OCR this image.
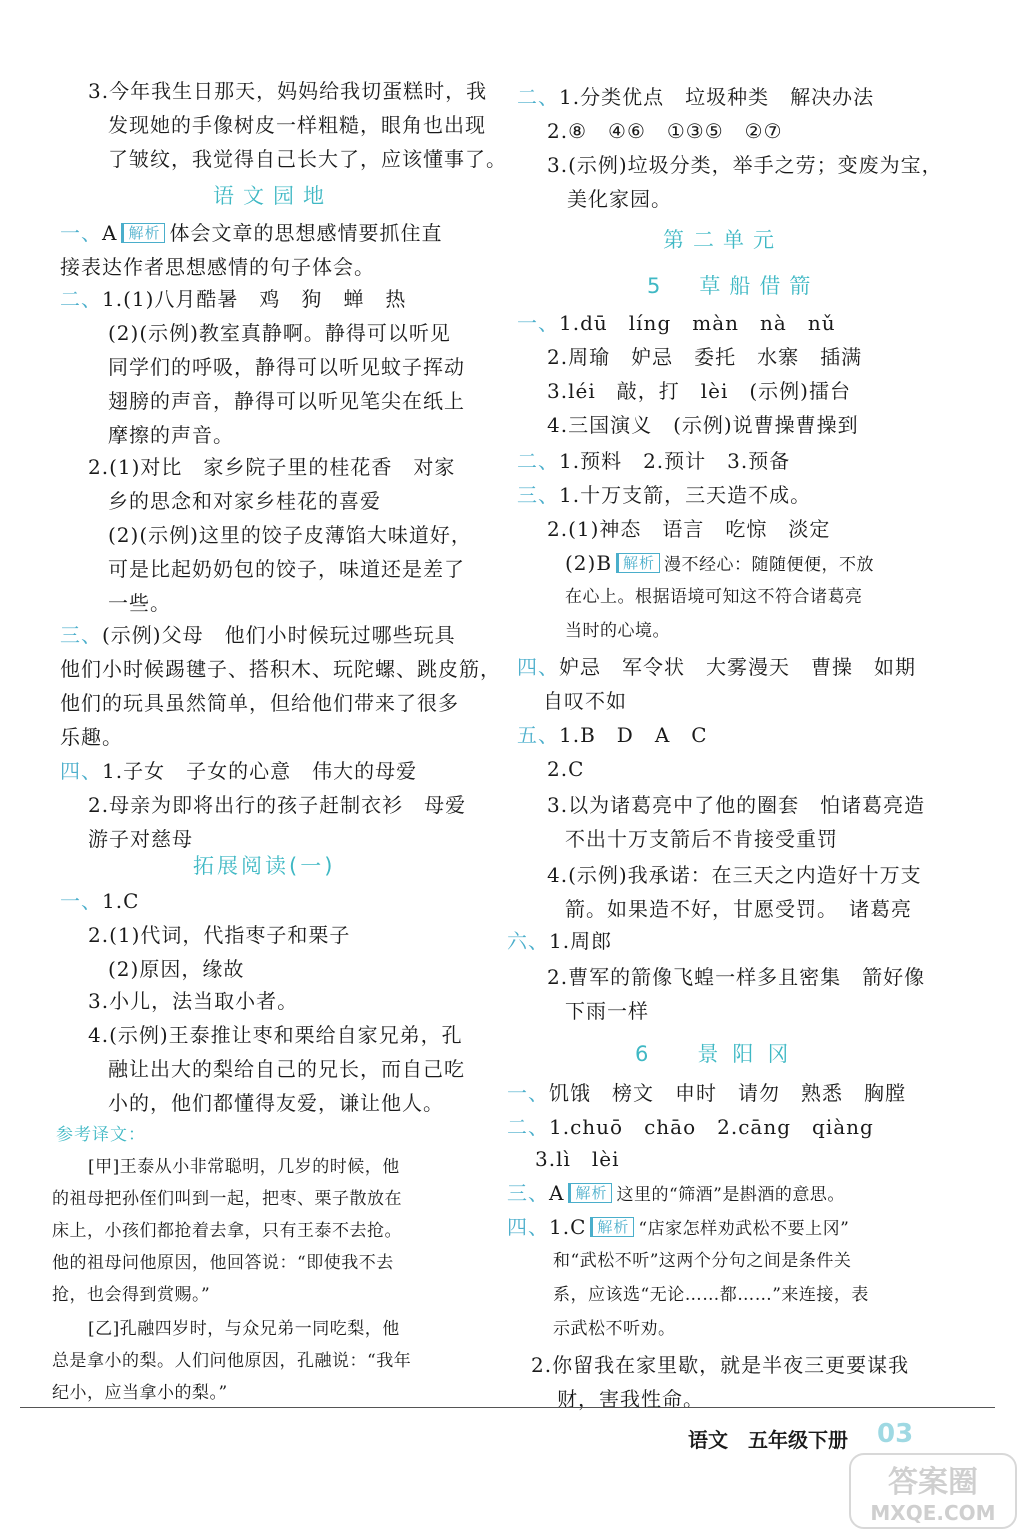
3.今年我生日那天，妈妈给我切蛋糕时，我
发现她的手像树皮一样粗糙，眼角也出现
了皱纹，我觉得自己长大了，应该懂事了。
语文园地
一、A 解析 体会文章的思想感情要抓住直
接表达作者思想感情的句子体会。
二、1.(1)八月酷暑　鸡　狗　蝉　热
(2)(示例)教室真静啊。静得可以听见
同学们的呼吸，静得可以听见蚊子挥动
翅膀的声音，静得可以听见笔尖在纸上
摩擦的声音。
2.(1)对比　家乡院子里的桂花香　对家
乡的思念和对家乡桂花的喜爱
(2)(示例)这里的饺子皮薄馅大味道好，
可是比起奶奶包的饺子，味道还是差了
一些。
三、(示例)父母　他们小时候玩过哪些玩具
他们小时候踢毽子、搭积木、玩陀螺、跳皮筋，
他们的玩具虽然简单，但给他们带来了很多
乐趣。
四、1.子女　子女的心意　伟大的母爱
2.母亲为即将出行的孩子赶制衣衫　母爱
游子对慈母
拓展阅读(一)
一、1.C
2.(1)代词，代指枣子和栗子
(2)原因，缘故
3.小儿，法当取小者。
4.(示例)王泰推让枣和栗给自家兄弟，孔
融让出大的梨给自己的兄长，而自己吃
小的，他们都懂得友爱，谦让他人。
参考译文：
[甲]王泰从小非常聪明，几岁的时候，他
的祖母把孙侄们叫到一起，把枣、栗子散放在
床上，小孩们都抢着去拿，只有王泰不去抢。
他的祖母问他原因，他回答说：“即使我不去
抢，也会得到赏赐。”
[乙]孔融四岁时，与众兄弟一同吃梨，他
总是拿小的梨。人们问他原因，孔融说：“我年
纪小，应当拿小的梨。”
二、1.分类优点　垃圾种类　解决办法
2.⑧　④⑥　①③⑤　②⑦
3.(示例)垃圾分类，举手之劳；变废为宝，
美化家园。
第二单元
5　 草船借箭
一、1.dū　líng　màn　nà　nǔ
2.周瑜　妒忌　委托　水寨　插满
3.léi　敲，打　lèi　(示例)擂台
4.三国演义　(示例)说曹操曹操到
二、1.预料　2.预计　3.预备
三、1.十万支箭，三天造不成。
2.(1)神态　语言　吃惊　淡定
(2)B 解析 漫不经心：随随便便，不放
在心上。根据语境可知这不符合诸葛亮
当时的心境。
四、妒忌　军令状　大雾漫天　曹操　如期
自叹不如
五、1.B　D　A　C
2.C
3.以为诸葛亮中了他的圈套　怕诸葛亮造
不出十万支箭后不肯接受重罚
4.(示例)我承诺：在三天之内造好十万支
箭。如果造不好，甘愿受罚。　诸葛亮
六、1.周郎
2.曹军的箭像飞蝗一样多且密集　箭好像
下雨一样
6　 景阳冈
一、饥饿　榜文　申时　请勿　熟悉　胸膛
二、1.chuō　chāo　2.cāng　qiàng
3.lì　lèi
三、A 解析 这里的“筛酒”是斟酒的意思。
四、1.C 解析 “店家怎样劝武松不要上冈”
和“武松不听”这两个分句之间是条件关
系，应该选“无论……都……”来连接，表
示武松不听劝。
2.你留我在家里歇，就是半夜三更要谋我
财，害我性命。
语文　 五年级下册 03
答案圈
MXQE.COM
